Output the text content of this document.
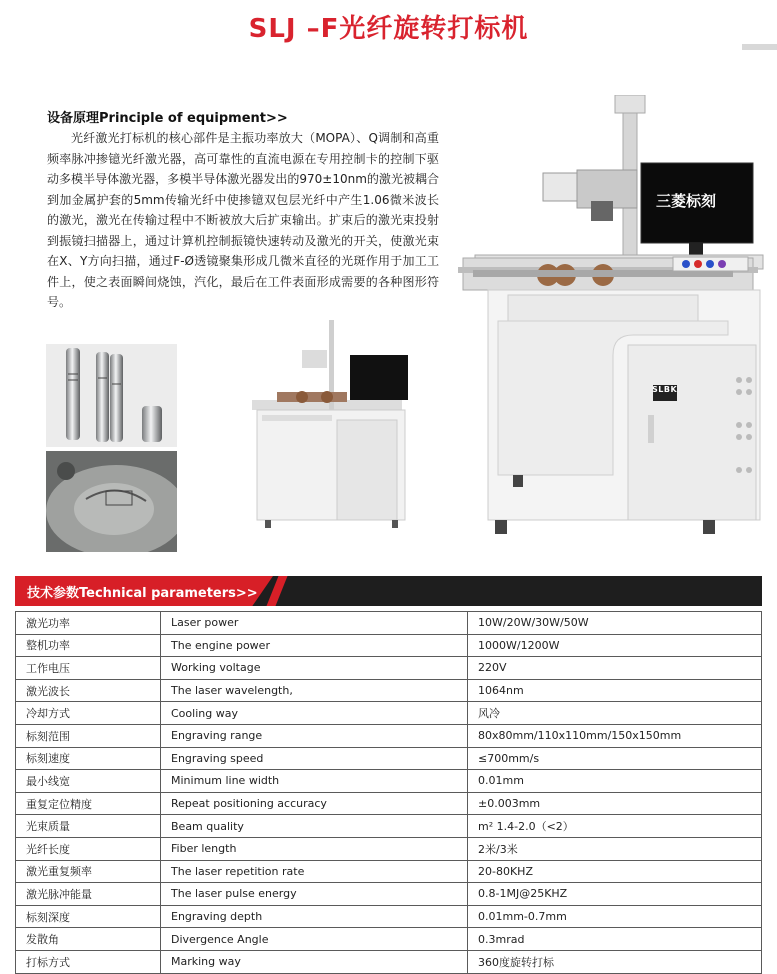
SLJ –F光纤旋转打标机
设备原理Principle of equipment>>
光纤激光打标机的核心部件是主振功率放大（MOPA）、Q调制和高重频率脉冲掺镱光纤激光器，高可靠性的直流电源在专用控制卡的控制下驱动多模半导体激光器，多模半导体激光器发出的970±10nm的激光被耦合到加金属护套的5mm传输光纤中使掺镱双包层光纤中产生1.06微米波长的激光，激光在传输过程中不断被放大后扩束输出。扩束后的激光束投射到振镜扫描器上，通过计算机控制振镜快速转动及激光的开关，使激光束在X、Y方向扫描，通过F-Ø透镜聚集形成几微米直径的光斑作用于加工工件上，使之表面瞬间烧蚀，汽化，最后在工件表面形成需要的各种图形符号。
三菱标刻
SLBK
技术参数Technical parameters>>
激光功率	Laser power	10W/20W/30W/50W
整机功率	The engine power	1000W/1200W
工作电压	Working voltage	220V
激光波长	The laser wavelength,	1064nm
冷却方式	Cooling way	风冷
标刻范围	Engraving range	80x80mm/110x110mm/150x150mm
标刻速度	Engraving speed	≤700mm/s
最小线宽	Minimum line width	0.01mm
重复定位精度	Repeat positioning accuracy	±0.003mm
光束质量	Beam quality	m² 1.4-2.0（<2）
光纤长度	Fiber length	2米/3米
激光重复频率	The laser repetition rate	20-80KHZ
激光脉冲能量	The laser pulse energy	0.8-1MJ@25KHZ
标刻深度	Engraving depth	0.01mm-0.7mm
发散角	Divergence Angle	0.3mrad
打标方式	Marking way	360度旋转打标
